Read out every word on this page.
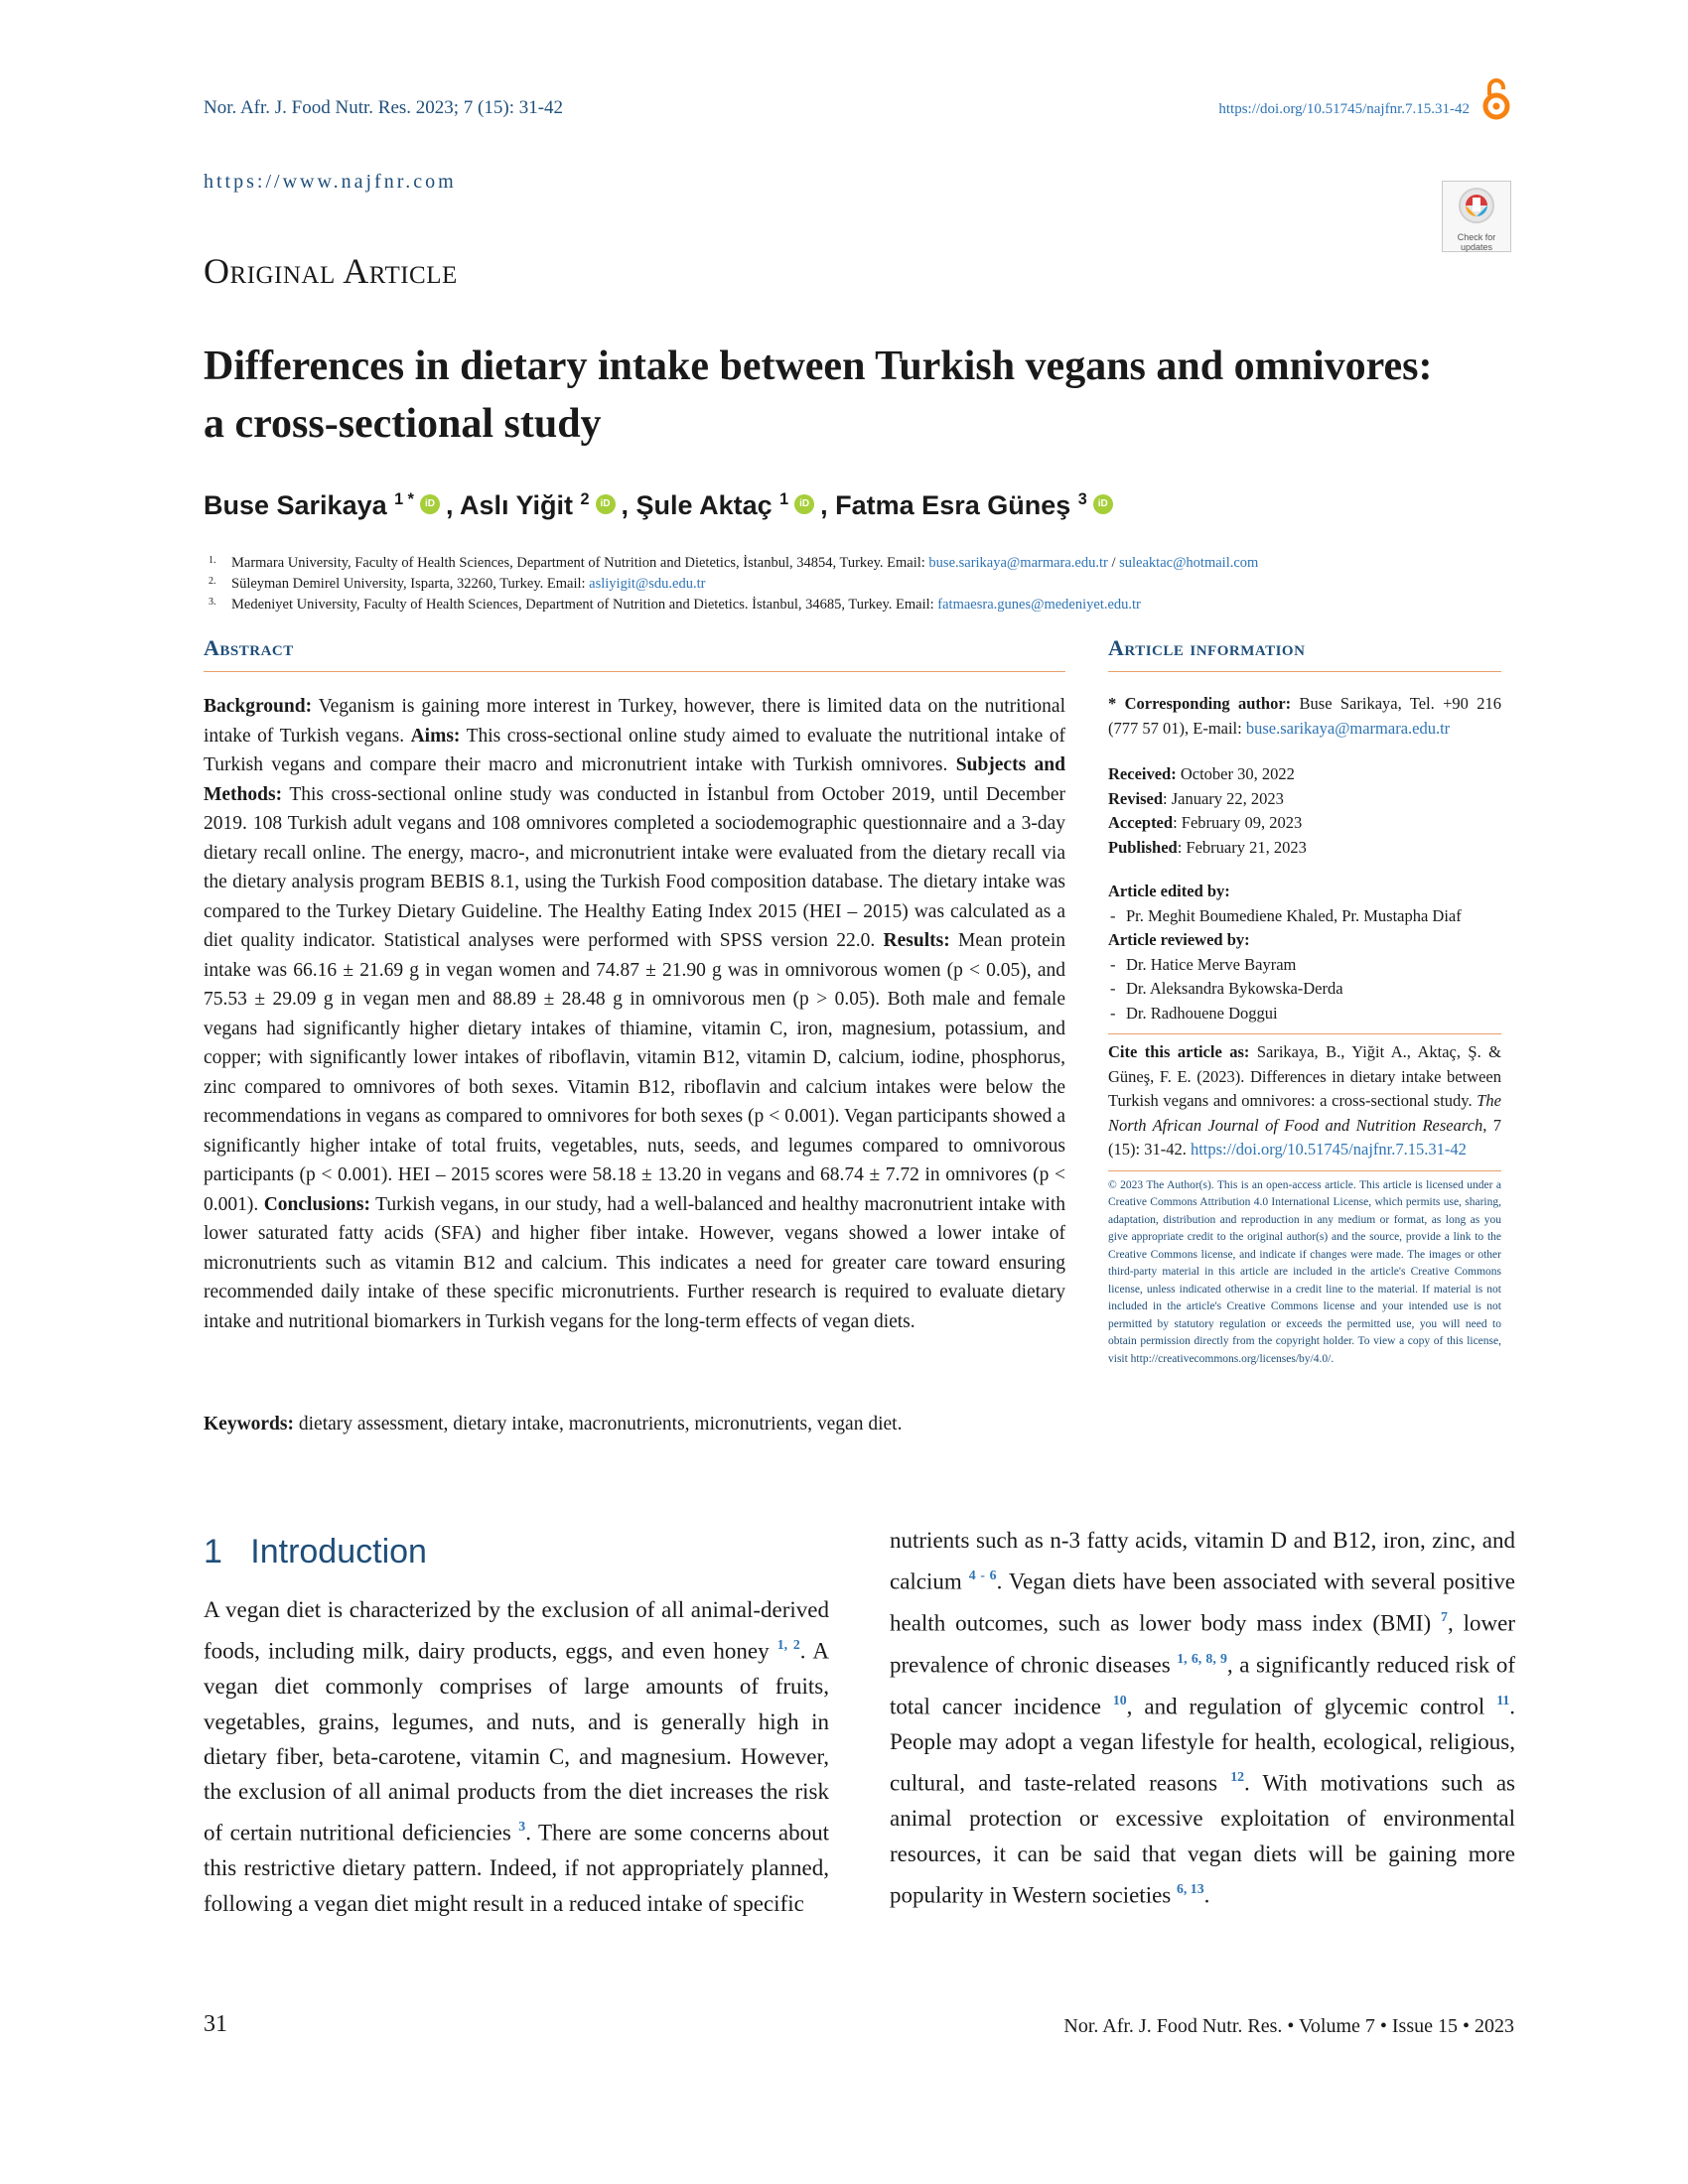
Nor. Afr. J. Food Nutr. Res. 2023; 7 (15): 31-42	https://doi.org/10.51745/najfnr.7.15.31-42
https://www.najfnr.com
Check for updates
Original Article
Differences in dietary intake between Turkish vegans and omnivores:
a cross-sectional study
Buse Sarikaya $^{1 *}$ iD , Aslı Yiğit $^2$ iD , Şule Aktaç $^1$ iD , Fatma Esra Güneş $^3$ iD
1. Marmara University, Faculty of Health Sciences, Department of Nutrition and Dietetics, İstanbul, 34854, Turkey. Email: buse.sarikaya@marmara.edu.tr / suleaktac@hotmail.com
2. Süleyman Demirel University, Isparta, 32260, Turkey. Email: asliyigit@sdu.edu.tr
3. Medeniyet University, Faculty of Health Sciences, Department of Nutrition and Dietetics. İstanbul, 34685, Turkey. Email: fatmaesra.gunes@medeniyet.edu.tr
Abstract
Background: Veganism is gaining more interest in Turkey, however, there is limited data on the nutritional intake of Turkish vegans. Aims: This cross-sectional online study aimed to evaluate the nutritional intake of Turkish vegans and compare their macro and micronutrient intake with Turkish omnivores. Subjects and Methods: This cross-sectional online study was conducted in İstanbul from October 2019, until December 2019. 108 Turkish adult vegans and 108 omnivores completed a sociodemographic questionnaire and a 3-day dietary recall online. The energy, macro-, and micronutrient intake were evaluated from the dietary recall via the dietary analysis program BEBIS 8.1, using the Turkish Food composition database. The dietary intake was compared to the Turkey Dietary Guideline. The Healthy Eating Index 2015 (HEI – 2015) was calculated as a diet quality indicator. Statistical analyses were performed with SPSS version 22.0. Results: Mean protein intake was 66.16 ± 21.69 g in vegan women and 74.87 ± 21.90 g was in omnivorous women (p < 0.05), and 75.53 ± 29.09 g in vegan men and 88.89 ± 28.48 g in omnivorous men (p > 0.05). Both male and female vegans had significantly higher dietary intakes of thiamine, vitamin C, iron, magnesium, potassium, and copper; with significantly lower intakes of riboflavin, vitamin B12, vitamin D, calcium, iodine, phosphorus, zinc compared to omnivores of both sexes. Vitamin B12, riboflavin and calcium intakes were below the recommendations in vegans as compared to omnivores for both sexes (p < 0.001). Vegan participants showed a significantly higher intake of total fruits, vegetables, nuts, seeds, and legumes compared to omnivorous participants (p < 0.001). HEI – 2015 scores were 58.18 ± 13.20 in vegans and 68.74 ± 7.72 in omnivores (p < 0.001). Conclusions: Turkish vegans, in our study, had a well-balanced and healthy macronutrient intake with lower saturated fatty acids (SFA) and higher fiber intake. However, vegans showed a lower intake of micronutrients such as vitamin B12 and calcium. This indicates a need for greater care toward ensuring recommended daily intake of these specific micronutrients. Further research is required to evaluate dietary intake and nutritional biomarkers in Turkish vegans for the long-term effects of vegan diets.
Keywords: dietary assessment, dietary intake, macronutrients, micronutrients, vegan diet.
Article information
* Corresponding author: Buse Sarikaya, Tel. +90 216 (777 57 01), E-mail: buse.sarikaya@marmara.edu.tr
Received: October 30, 2022
Revised: January 22, 2023
Accepted: February 09, 2023
Published: February 21, 2023
Article edited by:
- Pr. Meghit Boumediene Khaled, Pr. Mustapha Diaf
Article reviewed by:
- Dr. Hatice Merve Bayram
- Dr. Aleksandra Bykowska-Derda
- Dr. Radhouene Doggui
Cite this article as: Sarikaya, B., Yiğit A., Aktaç, Ş. & Güneş, F. E. (2023). Differences in dietary intake between Turkish vegans and omnivores: a cross-sectional study. The North African Journal of Food and Nutrition Research, 7 (15): 31-42. https://doi.org/10.51745/najfnr.7.15.31-42
© 2023 The Author(s). This is an open-access article. This article is licensed under a Creative Commons Attribution 4.0 International License, which permits use, sharing, adaptation, distribution and reproduction in any medium or format, as long as you give appropriate credit to the original author(s) and the source, provide a link to the Creative Commons license, and indicate if changes were made. The images or other third-party material in this article are included in the article's Creative Commons license, unless indicated otherwise in a credit line to the material. If material is not included in the article's Creative Commons license and your intended use is not permitted by statutory regulation or exceeds the permitted use, you will need to obtain permission directly from the copyright holder. To view a copy of this license, visit http://creativecommons.org/licenses/by/4.0/.
1 Introduction
A vegan diet is characterized by the exclusion of all animal-derived foods, including milk, dairy products, eggs, and even honey $^{1, 2}$. A vegan diet commonly comprises of large amounts of fruits, vegetables, grains, legumes, and nuts, and is generally high in dietary fiber, beta-carotene, vitamin C, and magnesium. However, the exclusion of all animal products from the diet increases the risk of certain nutritional deficiencies $^3$. There are some concerns about this restrictive dietary pattern. Indeed, if not appropriately planned, following a vegan diet might result in a reduced intake of specific
nutrients such as n-3 fatty acids, vitamin D and B12, iron, zinc, and calcium $^{4 - 6}$. Vegan diets have been associated with several positive health outcomes, such as lower body mass index (BMI) $^7$, lower prevalence of chronic diseases $^{1, 6, 8, 9}$, a significantly reduced risk of total cancer incidence $^{10}$, and regulation of glycemic control $^{11}$. People may adopt a vegan lifestyle for health, ecological, religious, cultural, and taste-related reasons $^{12}$. With motivations such as animal protection or excessive exploitation of environmental resources, it can be said that vegan diets will be gaining more popularity in Western societies $^{6, 13}$.
31	Nor. Afr. J. Food Nutr. Res. • Volume 7 • Issue 15 • 2023
